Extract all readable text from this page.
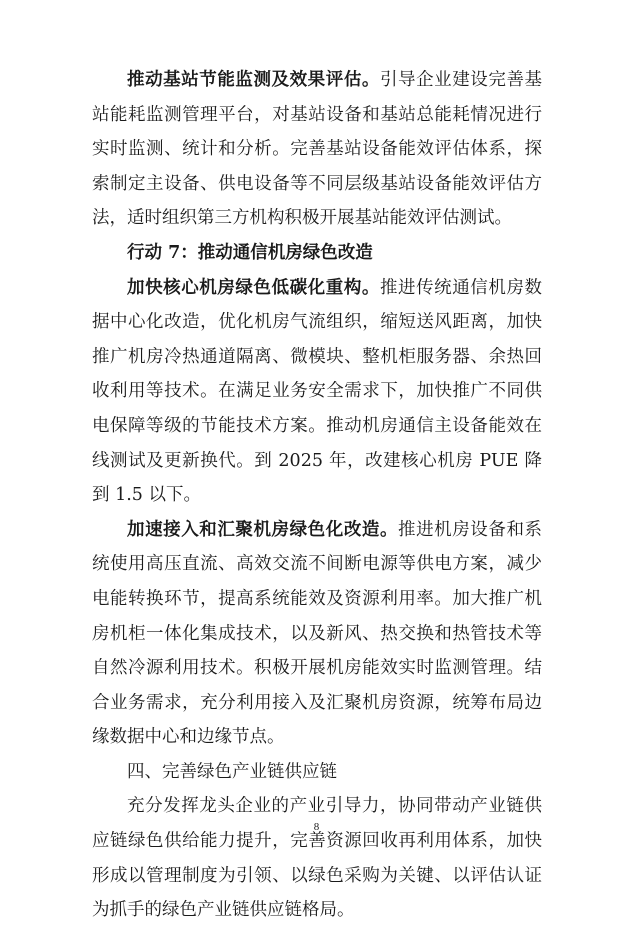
推动基站节能监测及效果评估。引导企业建设完善基站能耗监测管理平台，对基站设备和基站总能耗情况进行实时监测、统计和分析。完善基站设备能效评估体系，探索制定主设备、供电设备等不同层级基站设备能效评估方法，适时组织第三方机构积极开展基站能效评估测试。

行动 7：推动通信机房绿色改造

加快核心机房绿色低碳化重构。推进传统通信机房数据中心化改造，优化机房气流组织，缩短送风距离，加快推广机房冷热通道隔离、微模块、整机柜服务器、余热回收利用等技术。在满足业务安全需求下，加快推广不同供电保障等级的节能技术方案。推动机房通信主设备能效在线测试及更新换代。到 2025 年，改建核心机房 PUE 降到 1.5 以下。

加速接入和汇聚机房绿色化改造。推进机房设备和系统使用高压直流、高效交流不间断电源等供电方案，减少电能转换环节，提高系统能效及资源利用率。加大推广机房机柜一体化集成技术，以及新风、热交换和热管技术等自然冷源利用技术。积极开展机房能效实时监测管理。结合业务需求，充分利用接入及汇聚机房资源，统筹布局边缘数据中心和边缘节点。

四、完善绿色产业链供应链

充分发挥龙头企业的产业引导力，协同带动产业链供应链绿色供给能力提升，完善资源回收再利用体系，加快形成以管理制度为引领、以绿色采购为关键、以评估认证为抓手的绿色产业链供应链格局。

8
